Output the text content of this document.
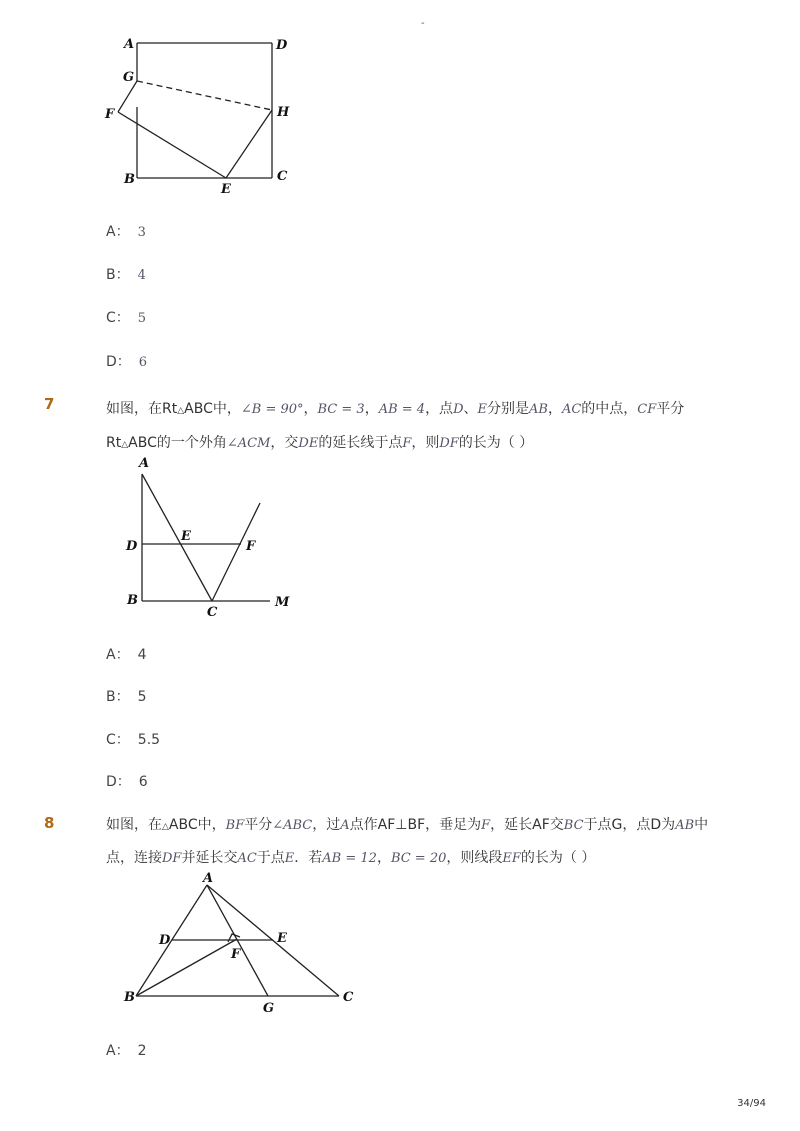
-
A	D
G
F	H
B
E
C
A： 3
B： 4
C： 5
D： 6
7	如图，在Rt△ABC中，∠B = 90°，BC = 3，AB = 4，点D、E分别是AB，AC的中点，CF平分
Rt△ABC的一个外角∠ACM，交DE的延长线于点F，则DF的长为（ ）
A
E
D	F
B
C
M
A： 4
B： 5
C： 5.5
D： 6
8	如图，在△ABC中，BF平分∠ABC，过A点作AF⊥BF，垂足为F，延长AF交BC于点G，点D为AB中
点，连接DF并延长交AC于点E．若AB = 12，BC = 20，则线段EF的长为（ ）
A
D	E
F
B
G
C
A： 2
34/94
